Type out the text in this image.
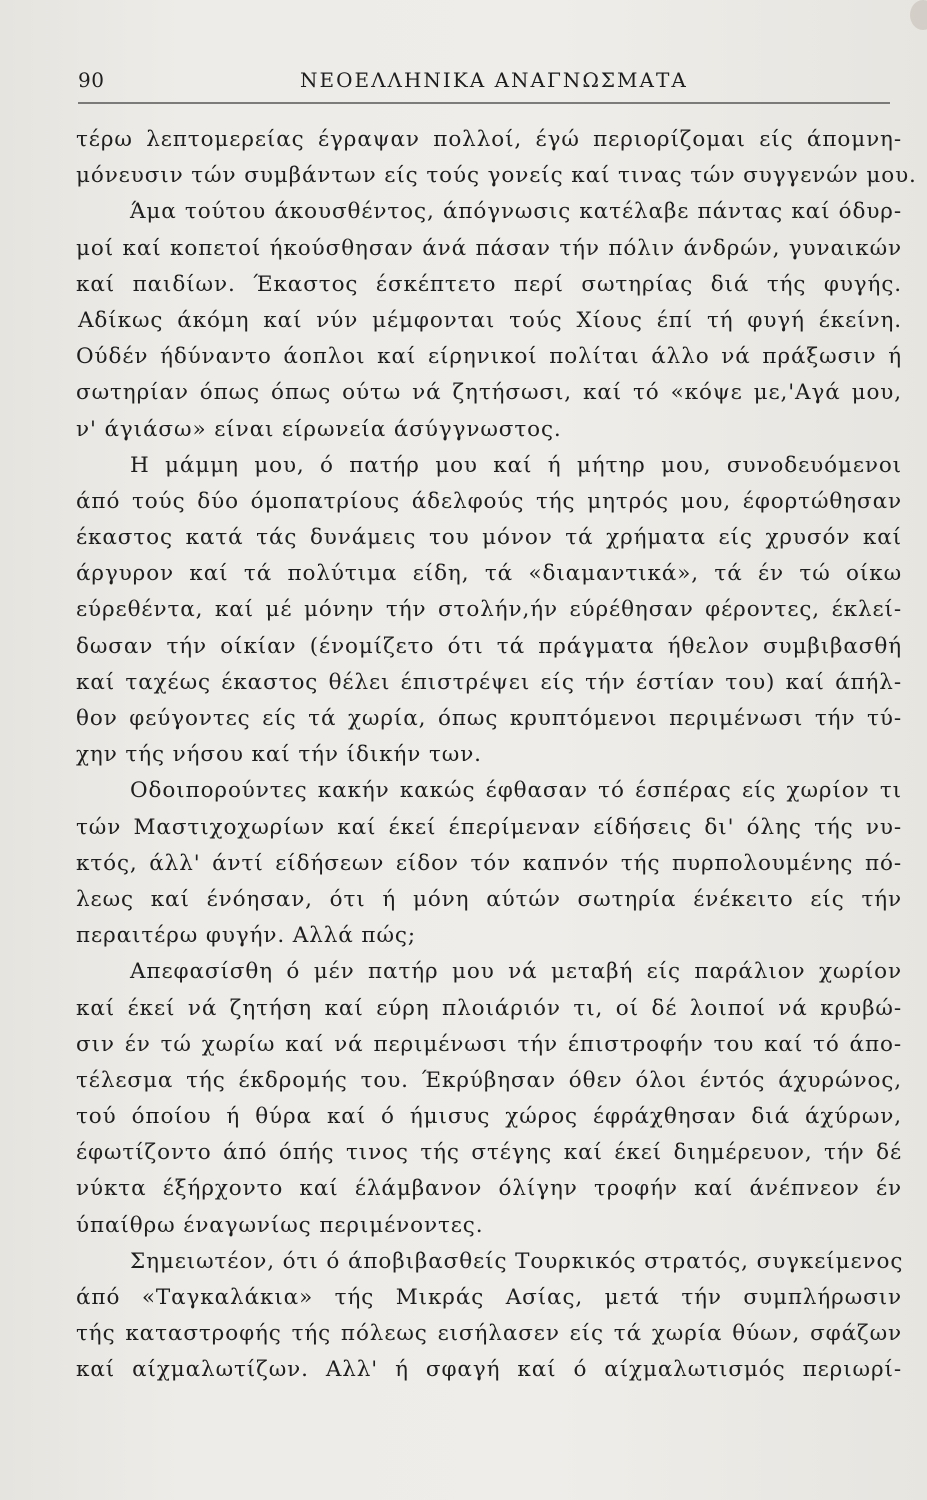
90	ΝΕΟΕΛΛΗΝΙΚΑ ΑΝΑΓΝΩΣΜΑΤΑ
τέρω λεπτομερείας έγραψαν πολλοί, έγώ περιορίζομαι είς άπομνη-
μόνευσιν τών συμβάντων είς τούς γονείς καί τινας τών συγγενών μου.
Άμα τούτου άκουσθέντος, άπόγνωσις κατέλαβε πάντας καί όδυρ-
μοί καί κοπετοί ήκούσθησαν άνά πάσαν τήν πόλιν άνδρών, γυναικών
καί παιδίων. Έκαστος έσκέπτετο περί σωτηρίας διά τής φυγής.
Αδίκως άκόμη καί νύν μέμφονται τούς Χίους έπί τή φυγή έκείνη.
Ούδέν ήδύναντο άοπλοι καί είρηνικοί πολίται άλλο νά πράξωσιν ή
σωτηρίαν όπως όπως ούτω νά ζητήσωσι, καί τό «κόψε με,'Αγά μου,
ν' άγιάσω» είναι είρωνεία άσύγγνωστος.
Η μάμμη μου, ό πατήρ μου καί ή μήτηρ μου, συνοδευόμενοι
άπό τούς δύο όμοπατρίους άδελφούς τής μητρός μου, έφορτώθησαν
έκαστος κατά τάς δυνάμεις του μόνον τά χρήματα είς χρυσόν καί
άργυρον καί τά πολύτιμα είδη, τά «διαμαντικά», τά έν τώ οίκω
εύρεθέντα, καί μέ μόνην τήν στολήν,ήν εύρέθησαν φέροντες, έκλεί-
δωσαν τήν οίκίαν (ένομίζετο ότι τά πράγματα ήθελον συμβιβασθή
καί ταχέως έκαστος θέλει έπιστρέψει είς τήν έστίαν του) καί άπήλ-
θον φεύγοντες είς τά χωρία, όπως κρυπτόμενοι περιμένωσι τήν τύ-
χην τής νήσου καί τήν ίδικήν των.
Οδοιπορούντες κακήν κακώς έφθασαν τό έσπέρας είς χωρίον τι
τών Μαστιχοχωρίων καί έκεί έπερίμεναν είδήσεις δι' όλης τής νυ-
κτός, άλλ' άντί είδήσεων είδον τόν καπνόν τής πυρπολουμένης πό-
λεως καί ένόησαν, ότι ή μόνη αύτών σωτηρία ένέκειτο είς τήν
περαιτέρω φυγήν. Αλλά πώς;
Απεφασίσθη ό μέν πατήρ μου νά μεταβή είς παράλιον χωρίον
καί έκεί νά ζητήση καί εύρη πλοιάριόν τι, οί δέ λοιποί νά κρυβώ-
σιν έν τώ χωρίω καί νά περιμένωσι τήν έπιστροφήν του καί τό άπο-
τέλεσμα τής έκδρομής του. Έκρύβησαν όθεν όλοι έντός άχυρώνος,
τού όποίου ή θύρα καί ό ήμισυς χώρος έφράχθησαν διά άχύρων,
έφωτίζοντο άπό όπής τινος τής στέγης καί έκεί διημέρευον, τήν δέ
νύκτα έξήρχοντο καί έλάμβανον όλίγην τροφήν καί άνέπνεον έν
ύπαίθρω έναγωνίως περιμένοντες.
Σημειωτέον, ότι ό άποβιβασθείς Τουρκικός στρατός, συγκείμενος
άπό «Ταγκαλάκια» τής Μικράς Ασίας, μετά τήν συμπλήρωσιν
τής καταστροφής τής πόλεως εισήλασεν είς τά χωρία θύων, σφάζων
καί αίχμαλωτίζων. Αλλ' ή σφαγή καί ό αίχμαλωτισμός περιωρί-
